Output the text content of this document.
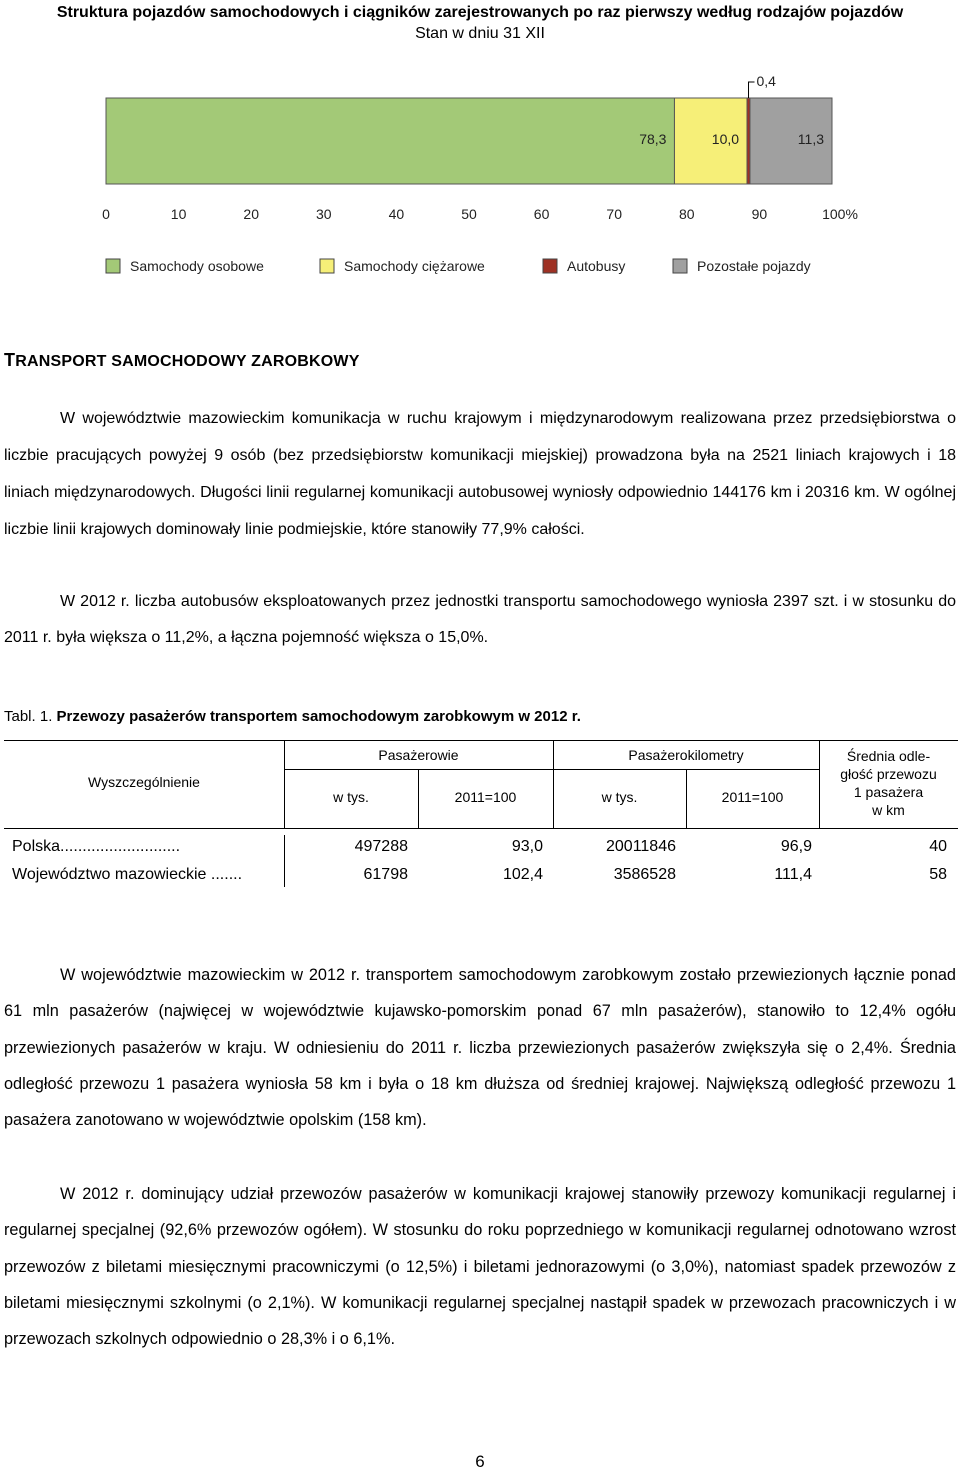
Struktura pojazdów samochodowych i ciągników zarejestrowanych po raz pierwszy według rodzajów pojazdów
Stan w dniu 31 XII
78,3	10,0
0,4
11,3
0	10	20	30	40	50	60	70	80	90	100%
Samochody osobowe	Samochody ciężarowe	Autobusy	Pozostałe pojazdy
TRANSPORT SAMOCHODOWY ZAROBKOWY

W województwie mazowieckim komunikacja w ruchu krajowym i międzynarodowym realizowana przez przedsiębiorstwa o liczbie pracujących powyżej 9 osób (bez przedsiębiorstw komunikacji miejskiej) prowadzona była na 2521 liniach krajowych i 18 liniach międzynarodowych. Długości linii regularnej komunikacji autobusowej wyniosły odpowiednio 144176 km i 20316 km. W ogólnej liczbie linii krajowych dominowały linie podmiejskie, które stanowiły 77,9% całości.

W 2012 r. liczba autobusów eksploatowanych przez jednostki transportu samochodowego wyniosła 2397 szt. i w stosunku do 2011 r. była większa o 11,2%, a łączna pojemność większa o 15,0%.

Tabl. 1. Przewozy pasażerów transportem samochodowym zarobkowym w 2012 r.
Wyszczególnienie
Pasażerowie	Pasażerokilometry
w tys.	2011=100	w tys.	2011=100
Średnia odle-
głość przewozu
1 pasażera
w km
Polska...........................	497288	93,0	20011846	96,9	40
Województwo mazowieckie .......	61798	102,4	3586528	111,4	58

W województwie mazowieckim w 2012 r. transportem samochodowym zarobkowym zostało przewiezionych łącznie ponad 61 mln pasażerów (najwięcej w województwie kujawsko-pomorskim ponad 67 mln pasażerów), stanowiło to 12,4% ogółu przewiezionych pasażerów w kraju. W odniesieniu do 2011 r. liczba przewiezionych pasażerów zwiększyła się o 2,4%. Średnia odległość przewozu 1 pasażera wyniosła 58 km i była o 18 km dłuższa od średniej krajowej. Największą odległość przewozu 1 pasażera zanotowano w województwie opolskim (158 km).

W 2012 r. dominujący udział przewozów pasażerów w komunikacji krajowej stanowiły przewozy komunikacji regularnej i regularnej specjalnej (92,6% przewozów ogółem). W stosunku do roku poprzedniego w komunikacji regularnej odnotowano wzrost przewozów z biletami miesięcznymi pracowniczymi (o 12,5%) i biletami jednorazowymi (o 3,0%), natomiast spadek przewozów z biletami miesięcznymi szkolnymi (o 2,1%). W komunikacji regularnej specjalnej nastąpił spadek w przewozach pracowniczych i w przewozach szkolnych odpowiednio o 28,3% i o 6,1%.

6
